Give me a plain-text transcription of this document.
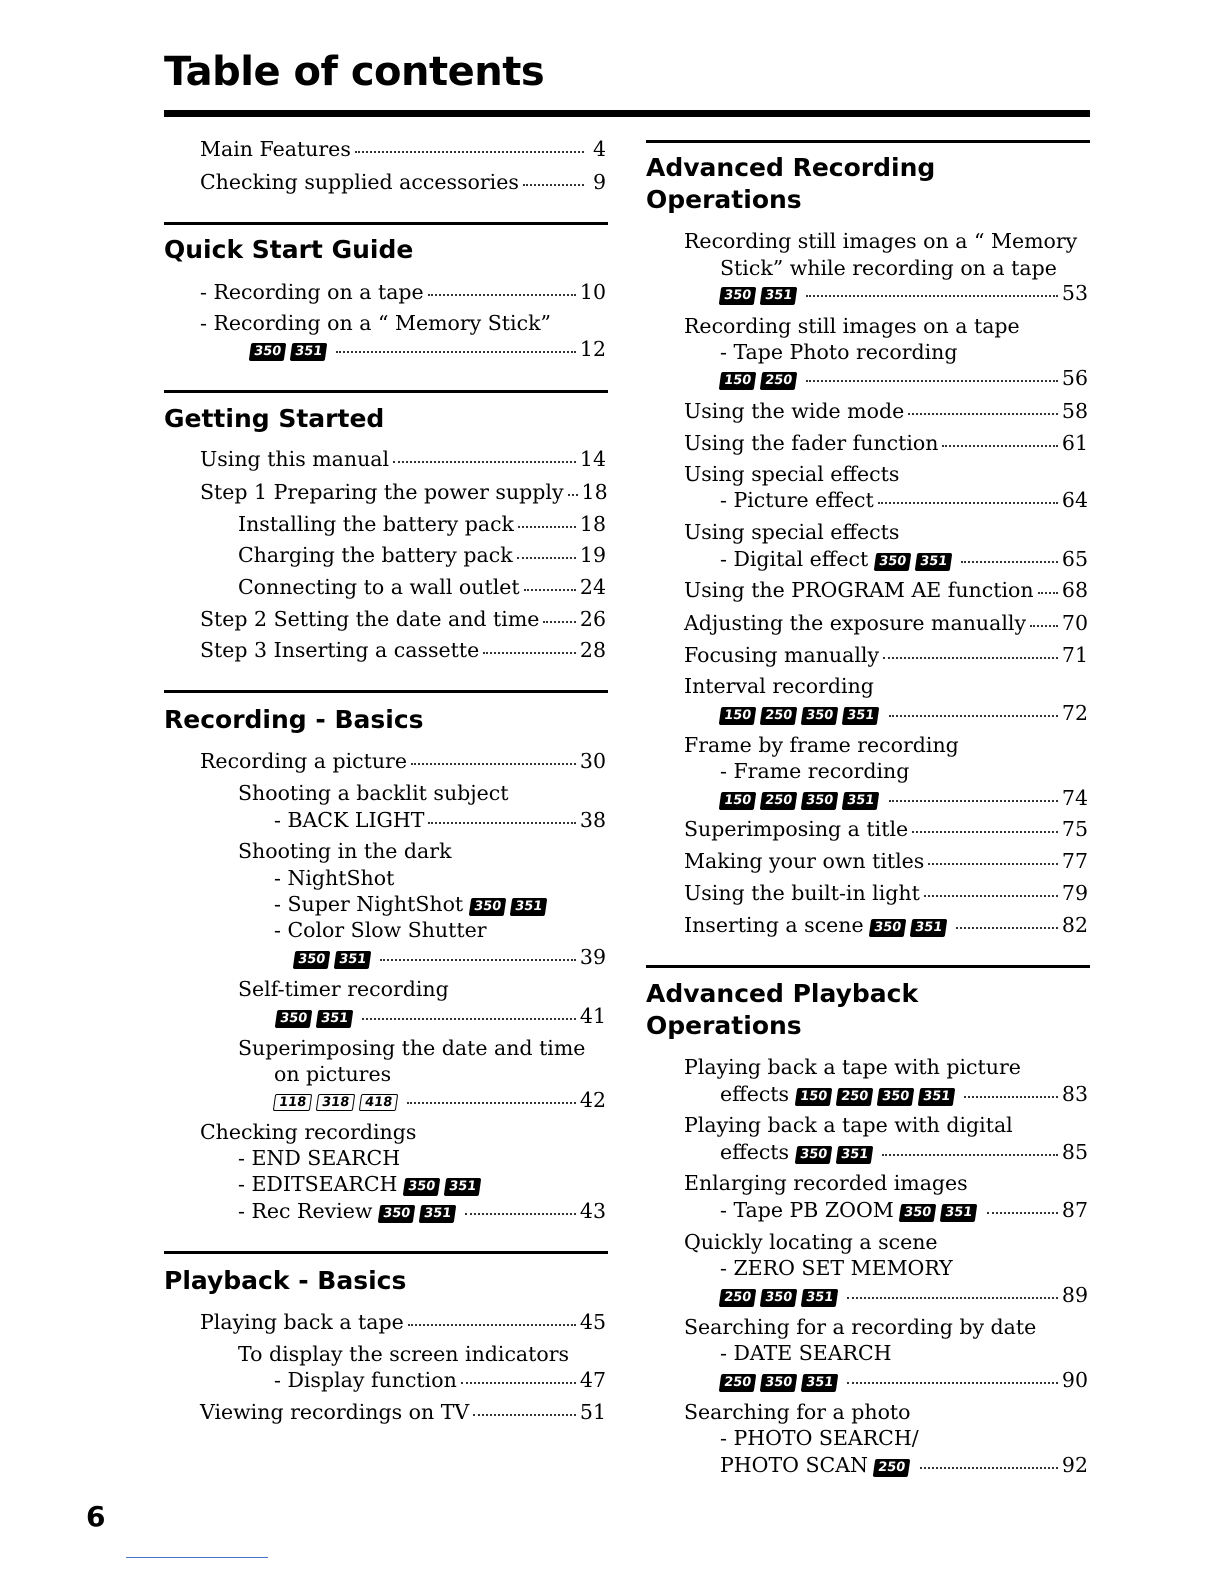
Table of contents
Main Features	4
Checking supplied accessories	9
Quick Start Guide
- Recording on a tape	10
- Recording on a “ Memory Stick”
350 351	12
Getting Started
Using this manual	14
Step 1 Preparing the power supply 18
Installing the battery pack	18
Charging the battery pack	19
Connecting to a wall outlet	24
Step 2 Setting the date and time 26
Step 3 Inserting a cassette	28
Recording - Basics
Recording a picture	30
Shooting a backlit subject
- BACK LIGHT	38
Shooting in the dark
- NightShot
- Super NightShot 350 351
- Color Slow Shutter
350 351	39
Self-timer recording
350 351	41
Superimposing the date and time
on pictures
118 318 418	42
Checking recordings
- END SEARCH
- EDITSEARCH 350 351
- Rec Review 350 351	43
Playback - Basics
Playing back a tape	45
To display the screen indicators
- Display function	47
Viewing recordings on TV	51
Advanced Recording
Operations
Recording still images on a “ Memory
Stick” while recording on a tape
350 351	53
Recording still images on a tape
- Tape Photo recording
150 250	56
Using the wide mode	58
Using the fader function	61
Using special effects
- Picture effect	64
Using special effects
- Digital effect 350 351	65
Using the PROGRAM AE function 68
Adjusting the exposure manually 70
Focusing manually	71
Interval recording
150 250 350 351	72
Frame by frame recording
- Frame recording
150 250 350 351	74
Superimposing a title	75
Making your own titles	77
Using the built-in light	79
Inserting a scene 350 351	82
Advanced Playback
Operations
Playing back a tape with picture
effects 150 250 350 351	83
Playing back a tape with digital
effects 350 351	85
Enlarging recorded images
- Tape PB ZOOM 350 351	87
Quickly locating a scene
- ZERO SET MEMORY
250 350 351	89
Searching for a recording by date
- DATE SEARCH
250 350 351	90
Searching for a photo
- PHOTO SEARCH/
PHOTO SCAN 250	92
6
